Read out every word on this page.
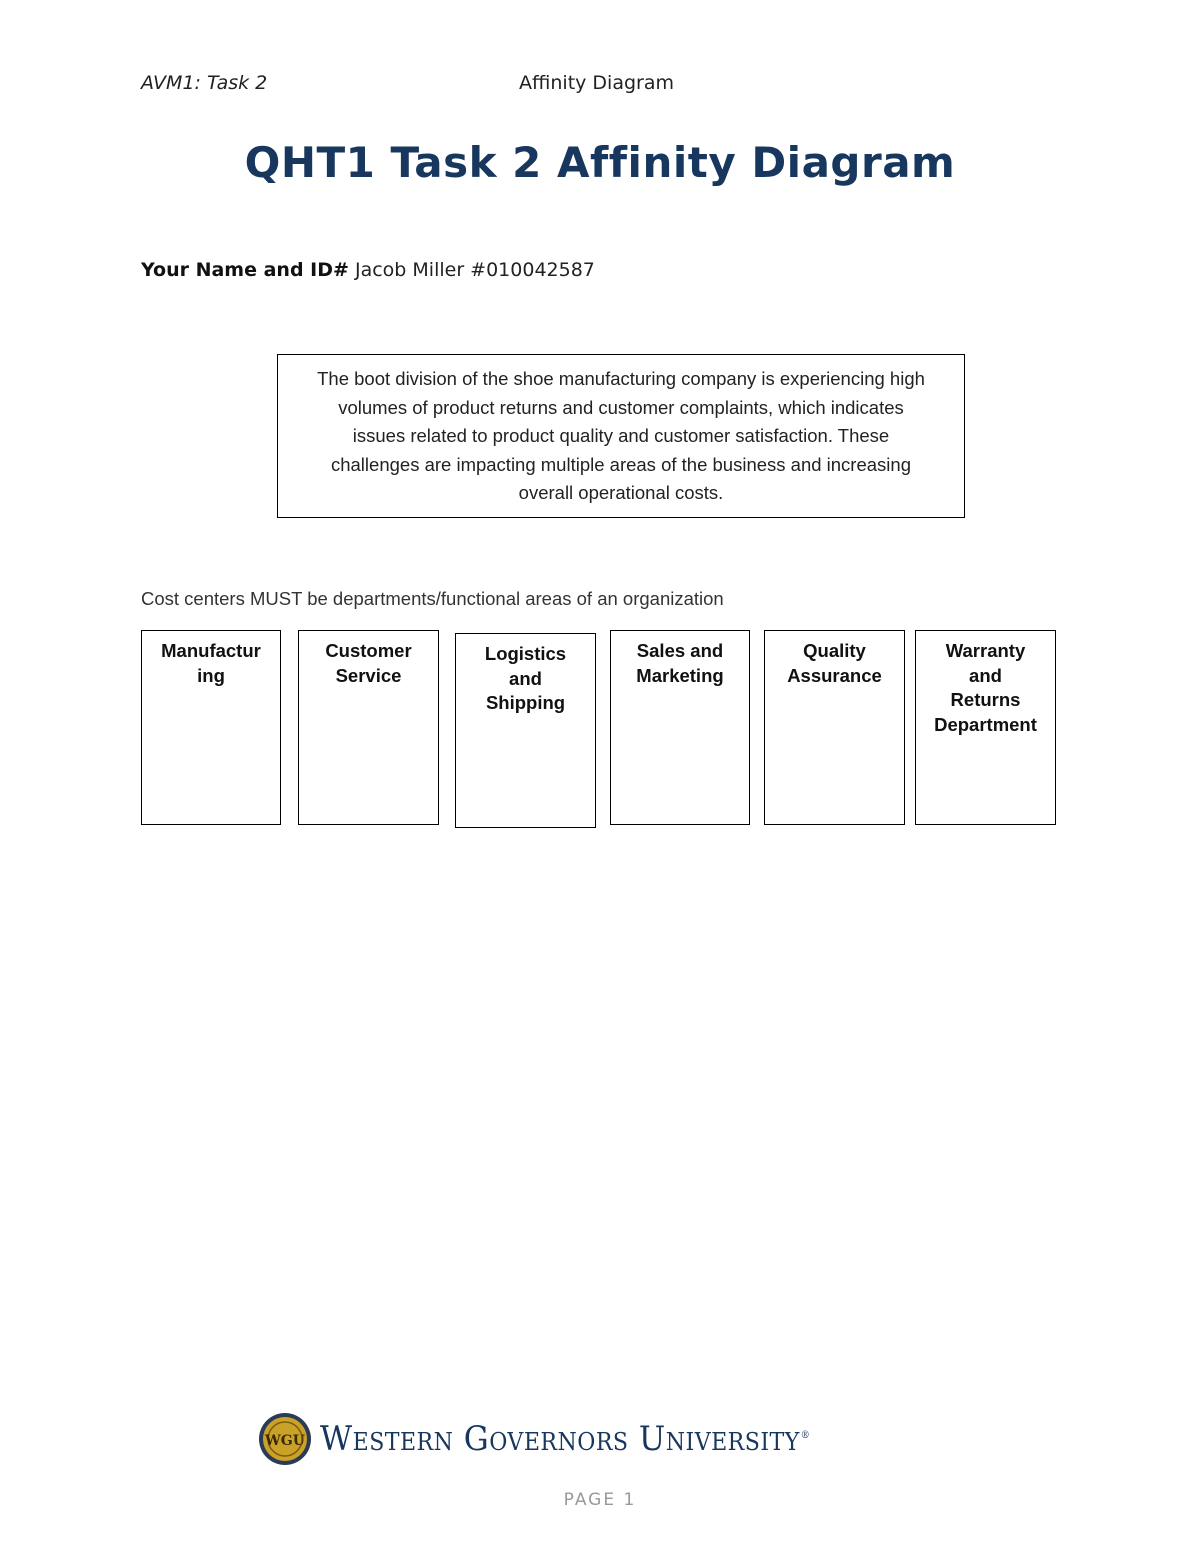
AVM1: Task 2	Affinity Diagram
QHT1 Task 2 Affinity Diagram
Your Name and ID# Jacob Miller #010042587
The boot division of the shoe manufacturing company is experiencing high
volumes of product returns and customer complaints, which indicates
issues related to product quality and customer satisfaction. These
challenges are impacting multiple areas of the business and increasing
overall operational costs.
Cost centers MUST be departments/functional areas of an organization
Manufactur
ing
Customer
Service
Logistics
and
Shipping
Sales and
Marketing
Quality
Assurance
Warranty
and
Returns
Department
WGU Western Governors University®
PAGE 1
